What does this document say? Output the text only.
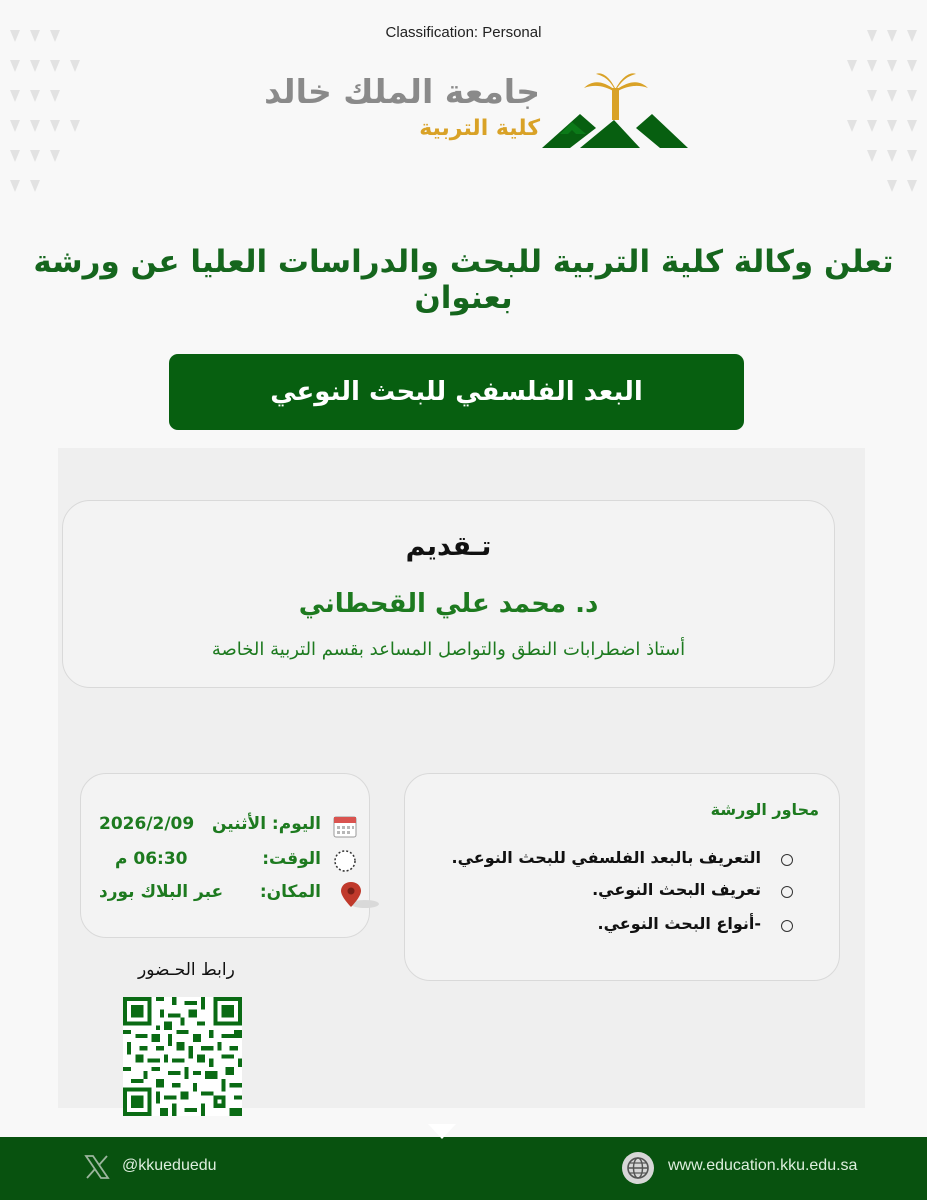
Classification: Personal
جامعة الملك خالد
كلية التربية
تعلن وكالة كلية التربية للبحث والدراسات العليا عن ورشة بعنوان
البعد الفلسفي للبحث النوعي
تـقديم
د. محمد علي القحطاني
أستاذ اضطرابات النطق والتواصل المساعد بقسم التربية الخاصة
2026/2/09 اليوم: الأثنين
06:30 م	الوقت:
عبر البلاك بورد المكان:
محاور الورشة
التعريف بالبعد الفلسفي للبحث النوعي.
تعريف البحث النوعي.
-أنواع البحث النوعي.
رابط الحـضور
@kkueduedu	www.education.kku.edu.sa
